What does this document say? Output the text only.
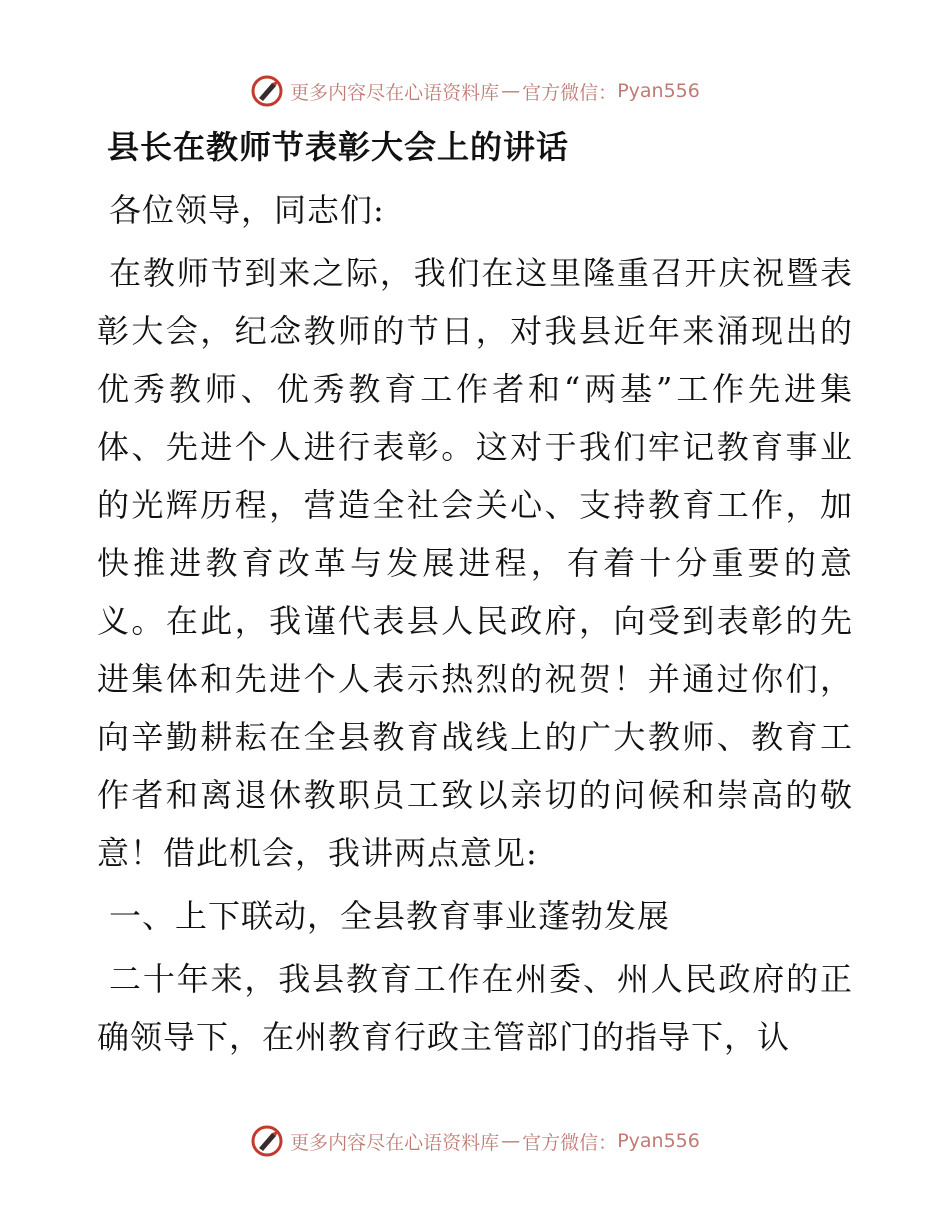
更多内容尽在心语资料库 — 官方微信： Pyan556
县长在教师节表彰大会上的讲话

各位领导，同志们:

在教师节到来之际，我们在这里隆重召开庆祝暨表彰大会，纪念教师的节日，对我县近年来涌现出的优秀教师、优秀教育工作者和“两基”工作先进集体、先进个人进行表彰。这对于我们牢记教育事业的光辉历程，营造全社会关心、支持教育工作，加快推进教育改革与发展进程，有着十分重要的意义。在此，我谨代表县人民政府，向受到表彰的先进集体和先进个人表示热烈的祝贺！并通过你们，向辛勤耕耘在全县教育战线上的广大教师、教育工作者和离退休教职员工致以亲切的问候和崇高的敬意！借此机会，我讲两点意见:

一、上下联动，全县教育事业蓬勃发展

二十年来，我县教育工作在州委、州人民政府的正确领导下，在州教育行政主管部门的指导下，认

更多内容尽在心语资料库 — 官方微信： Pyan556
